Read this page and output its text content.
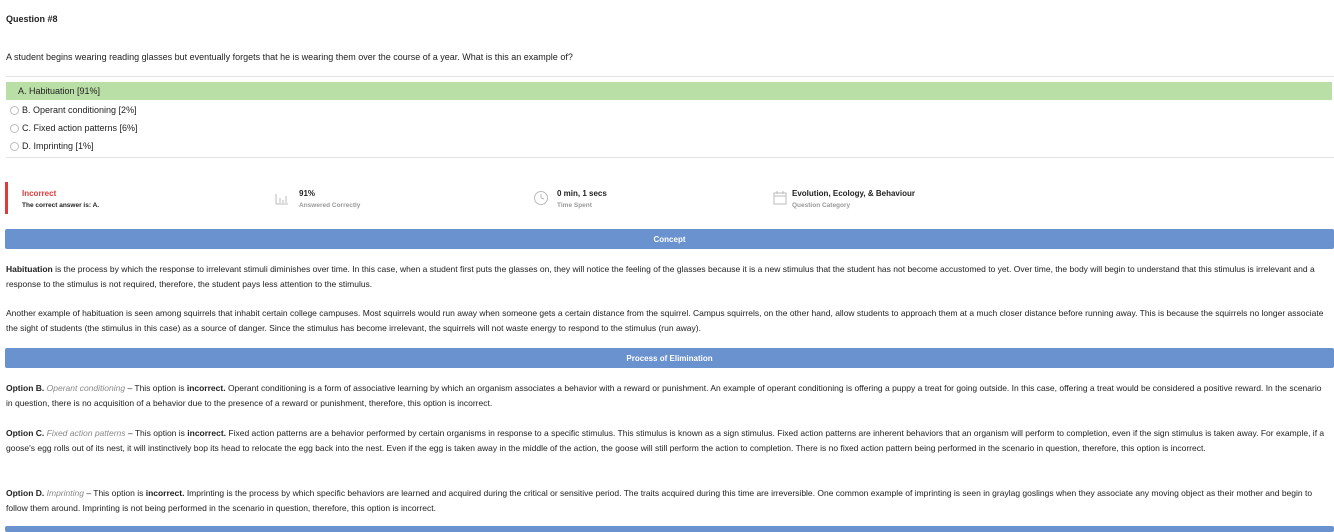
Question #8
A student begins wearing reading glasses but eventually forgets that he is wearing them over the course of a year. What is this an example of?
A. Habituation [91%]
B. Operant conditioning [2%]
C. Fixed action patterns [6%]
D. Imprinting [1%]
Incorrect
The correct answer is: A.
91%
Answered Correctly
0 min, 1 secs
Time Spent
Evolution, Ecology, & Behaviour
Question Category
Concept
Habituation is the process by which the response to irrelevant stimuli diminishes over time. In this case, when a student first puts the glasses on, they will notice the feeling of the glasses because it is a new stimulus that the student has not become accustomed to yet. Over time, the body will begin to understand that this stimulus is irrelevant and a response to the stimulus is not required, therefore, the student pays less attention to the stimulus.
Another example of habituation is seen among squirrels that inhabit certain college campuses. Most squirrels would run away when someone gets a certain distance from the squirrel. Campus squirrels, on the other hand, allow students to approach them at a much closer distance before running away. This is because the squirrels no longer associate the sight of students (the stimulus in this case) as a source of danger. Since the stimulus has become irrelevant, the squirrels will not waste energy to respond to the stimulus (run away).
Process of Elimination
Option B. Operant conditioning – This option is incorrect. Operant conditioning is a form of associative learning by which an organism associates a behavior with a reward or punishment. An example of operant conditioning is offering a puppy a treat for going outside. In this case, offering a treat would be considered a positive reward. In the scenario in question, there is no acquisition of a behavior due to the presence of a reward or punishment, therefore, this option is incorrect.
Option C. Fixed action patterns – This option is incorrect. Fixed action patterns are a behavior performed by certain organisms in response to a specific stimulus. This stimulus is known as a sign stimulus. Fixed action patterns are inherent behaviors that an organism will perform to completion, even if the sign stimulus is taken away. For example, if a goose's egg rolls out of its nest, it will instinctively bop its head to relocate the egg back into the nest. Even if the egg is taken away in the middle of the action, the goose will still perform the action to completion. There is no fixed action pattern being performed in the scenario in question, therefore, this option is incorrect.
Option D. Imprinting – This option is incorrect. Imprinting is the process by which specific behaviors are learned and acquired during the critical or sensitive period. The traits acquired during this time are irreversible. One common example of imprinting is seen in graylag goslings when they associate any moving object as their mother and begin to follow them around. Imprinting is not being performed in the scenario in question, therefore, this option is incorrect.
